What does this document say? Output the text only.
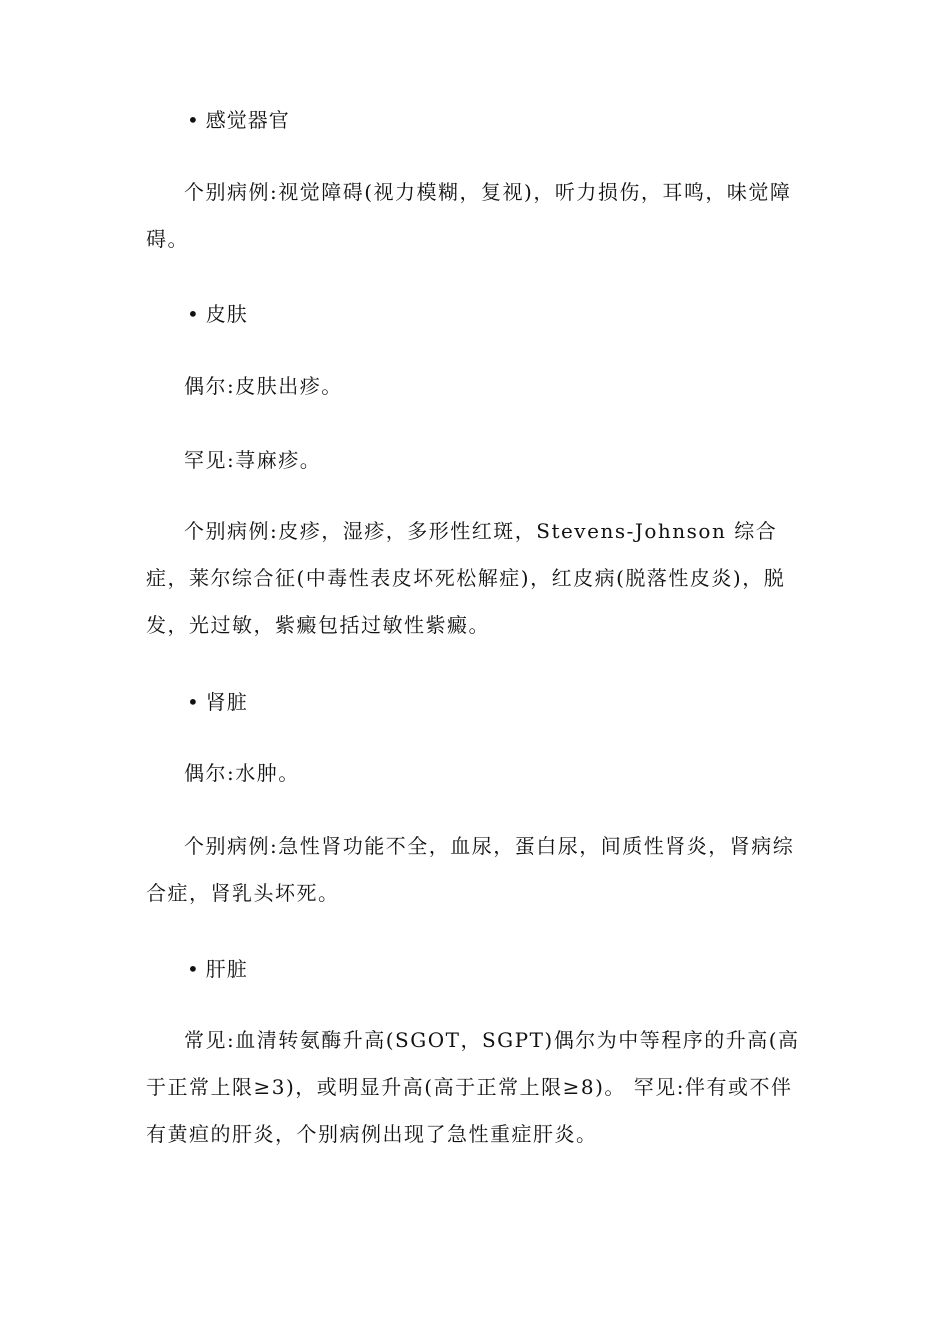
• 感觉器官

个别病例:视觉障碍(视力模糊，复视)，听力损伤，耳鸣，味觉障碍。

• 皮肤

偶尔:皮肤出疹。

罕见:荨麻疹。

个别病例:皮疹，湿疹，多形性红斑，Stevens-Johnson 综合症，莱尔综合征(中毒性表皮坏死松解症)，红皮病(脱落性皮炎)，脱发，光过敏，紫癜包括过敏性紫癜。

• 肾脏

偶尔:水肿。

个别病例:急性肾功能不全，血尿，蛋白尿，间质性肾炎，肾病综合症，肾乳头坏死。

• 肝脏

常见:血清转氨酶升高(SGOT，SGPT)偶尔为中等程序的升高(高于正常上限≥3)，或明显升高(高于正常上限≥8)。 罕见:伴有或不伴有黄疸的肝炎，个别病例出现了急性重症肝炎。
